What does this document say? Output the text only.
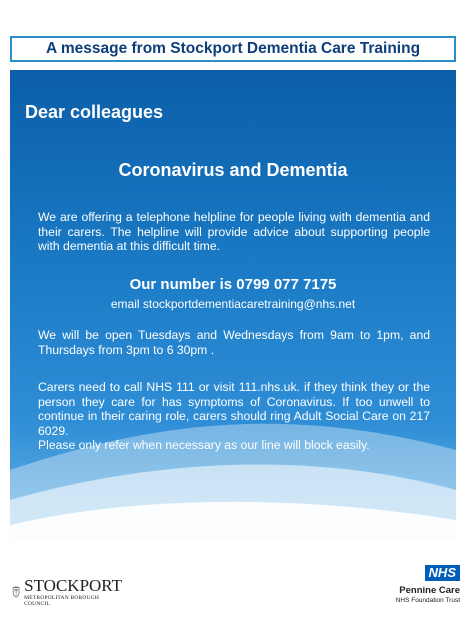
A message from Stockport Dementia Care Training
Dear colleagues
Coronavirus and Dementia
We are offering a telephone helpline for people living with dementia and their carers. The helpline will provide advice about supporting people with dementia at this difficult time.
Our number is 0799 077 7175
email stockportdementiacaretraining@nhs.net
We will be open Tuesdays and Wednesdays from 9am to 1pm, and Thursdays from 3pm to 6 30pm .
Carers need to call NHS 111 or visit 111.nhs.uk. if they think they or the person they care for has symptoms of Coronavirus. If too unwell to continue in their caring role, carers should ring Adult Social Care on 217 6029.
Please only refer when necessary as our line will block easily.
STOCKPORT
METROPOLITAN BOROUGH COUNCIL
NHS
Pennine Care
NHS Foundation Trust
